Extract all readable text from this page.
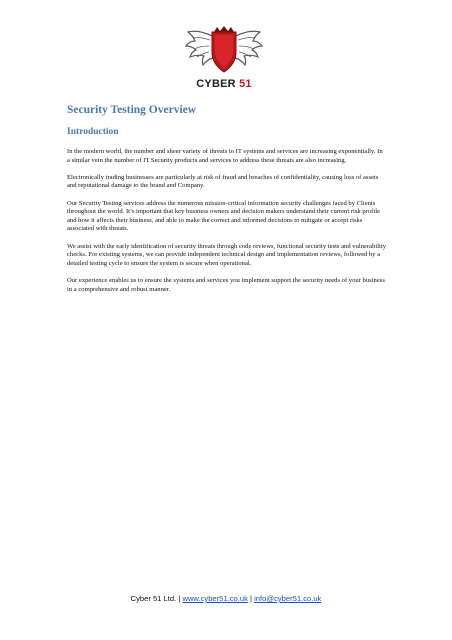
CYBER 51
Security Testing Overview
Introduction

In the modern world, the number and sheer variety of threats to IT systems and services are increasing exponentially. In a similar vein the number of IT Security products and services to address these threats are also increasing.

Electronically trading businesses are particularly at risk of fraud and breaches of confidentiality, causing loss of assets and reputational damage to the brand and Company.

Our Security Testing services address the numerous mission-critical information security challenges faced by Clients throughout the world. It’s important that key business owners and decision makers understand their current risk profile and how it affects their business, and able to make the correct and informed decisions to mitigate or accept risks associated with threats.

We assist with the early identification of security threats through code reviews, functional security tests and vulnerability checks. For existing systems, we can provide independent technical design and implementation reviews, followed by a detailed testing cycle to ensure the system is secure when operational.

Our experience enables us to ensure the systems and services you implement support the security needs of your business in a comprehensive and robust manner.

Cyber 51 Ltd. | www.cyber51.co.uk | info@cyber51.co.uk
